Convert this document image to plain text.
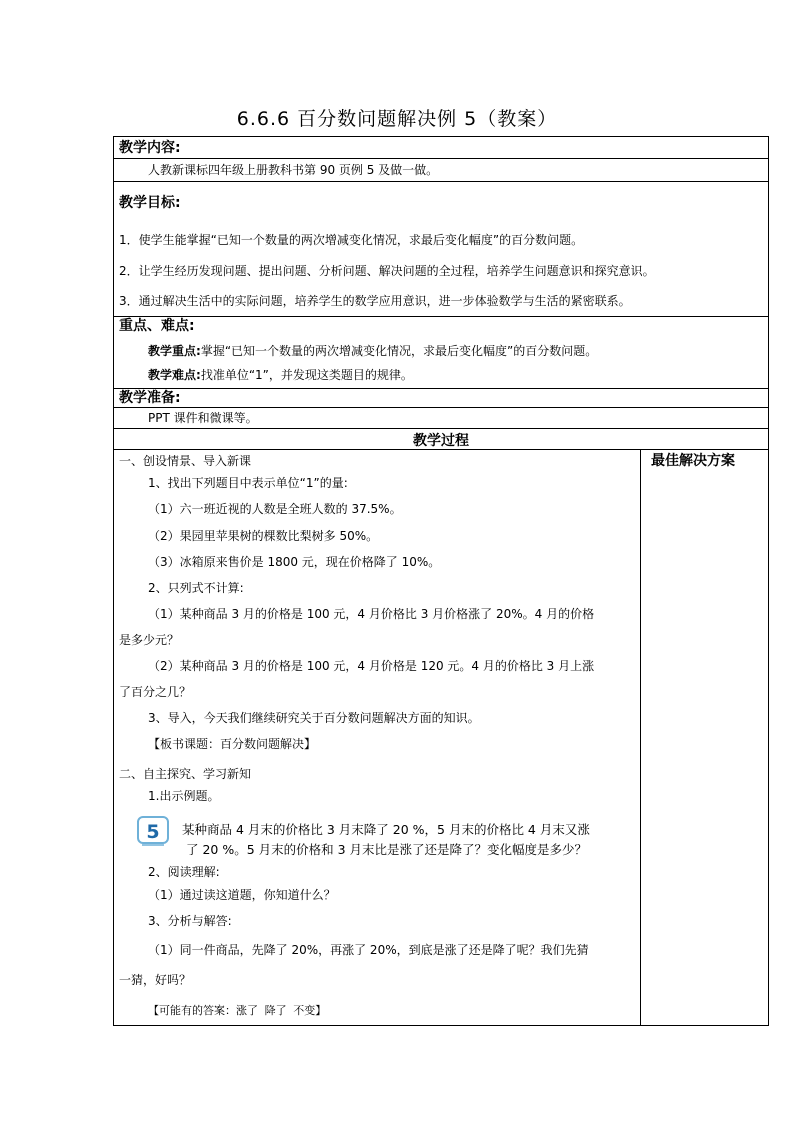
6.6.6 百分数问题解决例 5（教案）
教学内容:
人教新课标四年级上册教科书第 90 页例 5 及做一做。
教学目标:
1．使学生能掌握“已知一个数量的两次增减变化情况，求最后变化幅度”的百分数问题。
2．让学生经历发现问题、提出问题、分析问题、解决问题的全过程，培养学生问题意识和探究意识。
3．通过解决生活中的实际问题，培养学生的数学应用意识，进一步体验数学与生活的紧密联系。
重点、难点:
教学重点:掌握“已知一个数量的两次增减变化情况，求最后变化幅度”的百分数问题。
教学难点:找准单位“1”，并发现这类题目的规律。
教学准备:
PPT 课件和微课等。
教学过程
最佳解决方案
一、创设情景、导入新课
1、找出下列题目中表示单位“1”的量:
（1）六一班近视的人数是全班人数的 37.5%。
（2）果园里苹果树的棵数比梨树多 50%。
（3）冰箱原来售价是 1800 元，现在价格降了 10%。
2、只列式不计算:
（1）某种商品 3 月的价格是 100 元，4 月价格比 3 月价格涨了 20%。4 月的价格
是多少元？
（2）某种商品 3 月的价格是 100 元，4 月价格是 120 元。4 月的价格比 3 月上涨
了百分之几？
3、导入，今天我们继续研究关于百分数问题解决方面的知识。
【板书课题：百分数问题解决】
二、自主探究、学习新知
1.出示例题。
5 某种商品 4 月末的价格比 3 月末降了 20 %，5 月末的价格比 4 月末又涨
了 20 %。5 月末的价格和 3 月末比是涨了还是降了？变化幅度是多少？
2、阅读理解:
（1）通过读这道题，你知道什么？
3、分析与解答:
（1）同一件商品，先降了 20%，再涨了 20%，到底是涨了还是降了呢？我们先猜
一猜，好吗？
【可能有的答案：涨了 降了 不变】
